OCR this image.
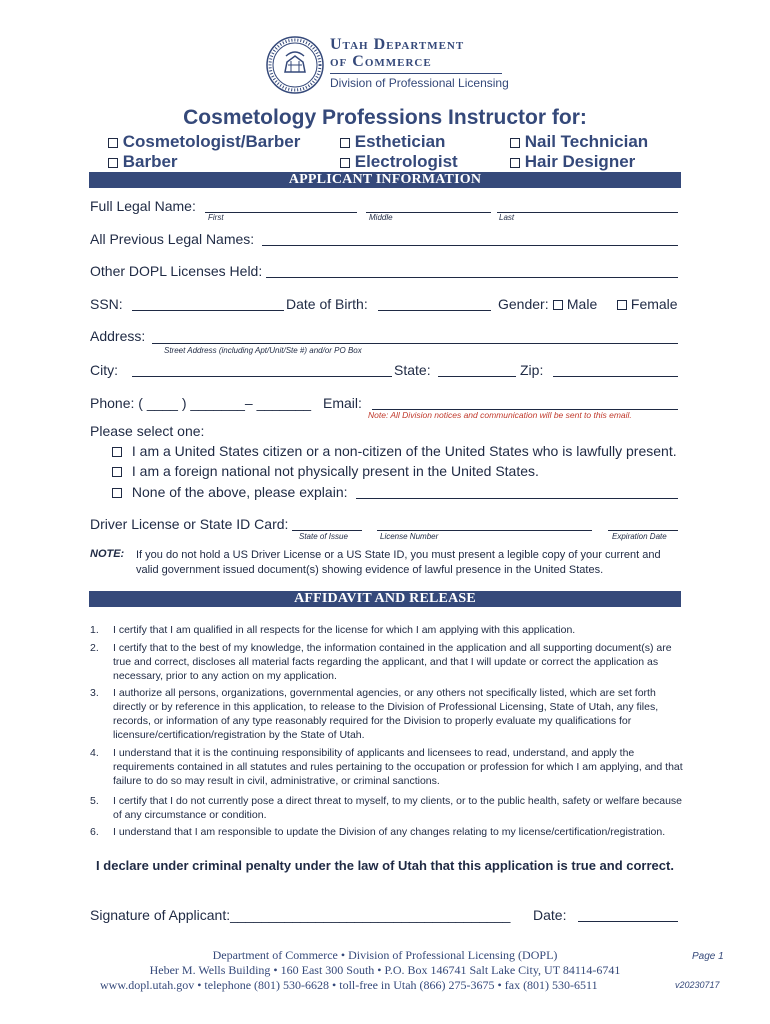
Utah Department
of Commerce
Division of Professional Licensing
Cosmetology Professions Instructor for:
Cosmetologist/Barber	Esthetician	Nail Technician
Barber	Electrologist	Hair Designer
APPLICANT INFORMATION
Full Legal Name:
First	Middle	Last
All Previous Legal Names:
Other DOPL Licenses Held:
SSN:	Date of Birth:	Gender:	Male	Female
Address:
Street Address (including Apt/Unit/Ste #) and/or PO Box
City:	State:	Zip:
Phone: ( ____ ) _______– _______ Email:
Note: All Division notices and communication will be sent to this email.
Please select one:
I am a United States citizen or a non-citizen of the United States who is lawfully present.
I am a foreign national not physically present in the United States.
None of the above, please explain:
Driver License or State ID Card:
State of Issue	License Number	Expiration Date
NOTE: If you do not hold a US Driver License or a US State ID, you must present a legible copy of your current and valid government issued document(s) showing evidence of lawful presence in the United States.
AFFIDAVIT AND RELEASE
1. I certify that I am qualified in all respects for the license for which I am applying with this application.
2. I certify that to the best of my knowledge, the information contained in the application and all supporting document(s) are true and correct, discloses all material facts regarding the applicant, and that I will update or correct the application as necessary, prior to any action on my application.
3. I authorize all persons, organizations, governmental agencies, or any others not specifically listed, which are set forth directly or by reference in this application, to release to the Division of Professional Licensing, State of Utah, any files, records, or information of any type reasonably required for the Division to properly evaluate my qualifications for licensure/certification/registration by the State of Utah.
4. I understand that it is the continuing responsibility of applicants and licensees to read, understand, and apply the requirements contained in all statutes and rules pertaining to the occupation or profession for which I am applying, and that failure to do so may result in civil, administrative, or criminal sanctions.
5. I certify that I do not currently pose a direct threat to myself, to my clients, or to the public health, safety or welfare because of any circumstance or condition.
6. I understand that I am responsible to update the Division of any changes relating to my license/certification/registration.
I declare under criminal penalty under the law of Utah that this application is true and correct.
Signature of Applicant:____________________________________ Date:
Department of Commerce • Division of Professional Licensing (DOPL)
Heber M. Wells Building • 160 East 300 South • P.O. Box 146741 Salt Lake City, UT 84114-6741
www.dopl.utah.gov • telephone (801) 530-6628 • toll-free in Utah (866) 275-3675 • fax (801) 530-6511
Page 1
v20230717
